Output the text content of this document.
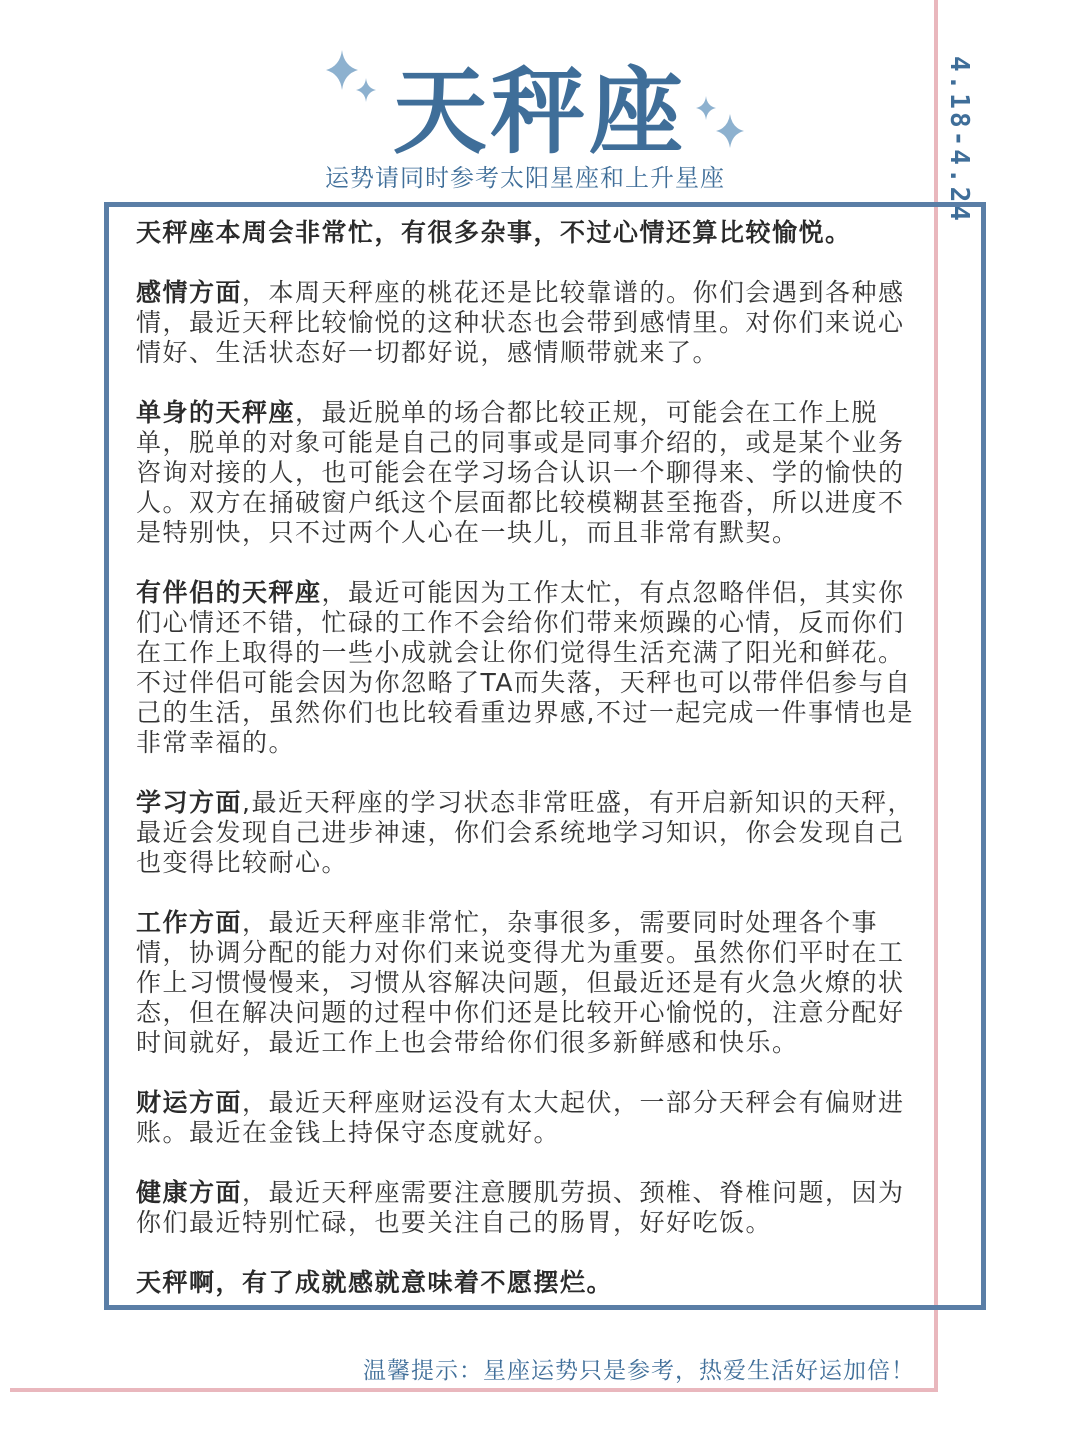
天秤座
运势请同时参考太阳星座和上升星座	4.18-4.24

天秤座本周会非常忙，有很多杂事，不过心情还算比较愉悦。

感情方面，本周天秤座的桃花还是比较靠谱的。你们会遇到各种感情，最近天秤比较愉悦的这种状态也会带到感情里。对你们来说心情好、生活状态好一切都好说，感情顺带就来了。

单身的天秤座，最近脱单的场合都比较正规，可能会在工作上脱单，脱单的对象可能是自己的同事或是同事介绍的，或是某个业务咨询对接的人，也可能会在学习场合认识一个聊得来、学的愉快的人。双方在捅破窗户纸这个层面都比较模糊甚至拖沓，所以进度不是特别快，只不过两个人心在一块儿，而且非常有默契。

有伴侣的天秤座，最近可能因为工作太忙，有点忽略伴侣，其实你们心情还不错，忙碌的工作不会给你们带来烦躁的心情，反而你们在工作上取得的一些小成就会让你们觉得生活充满了阳光和鲜花。不过伴侣可能会因为你忽略了TA而失落，天秤也可以带伴侣参与自己的生活，虽然你们也比较看重边界感,不过一起完成一件事情也是非常幸福的。

学习方面,最近天秤座的学习状态非常旺盛，有开启新知识的天秤，最近会发现自己进步神速，你们会系统地学习知识，你会发现自己也变得比较耐心。

工作方面，最近天秤座非常忙，杂事很多，需要同时处理各个事情，协调分配的能力对你们来说变得尤为重要。虽然你们平时在工作上习惯慢慢来，习惯从容解决问题，但最近还是有火急火燎的状态，但在解决问题的过程中你们还是比较开心愉悦的，注意分配好时间就好，最近工作上也会带给你们很多新鲜感和快乐。

财运方面，最近天秤座财运没有太大起伏，一部分天秤会有偏财进账。最近在金钱上持保守态度就好。

健康方面，最近天秤座需要注意腰肌劳损、颈椎、脊椎问题，因为你们最近特别忙碌，也要关注自己的肠胃，好好吃饭。

天秤啊，有了成就感就意味着不愿摆烂。

温馨提示：星座运势只是参考，热爱生活好运加倍！
